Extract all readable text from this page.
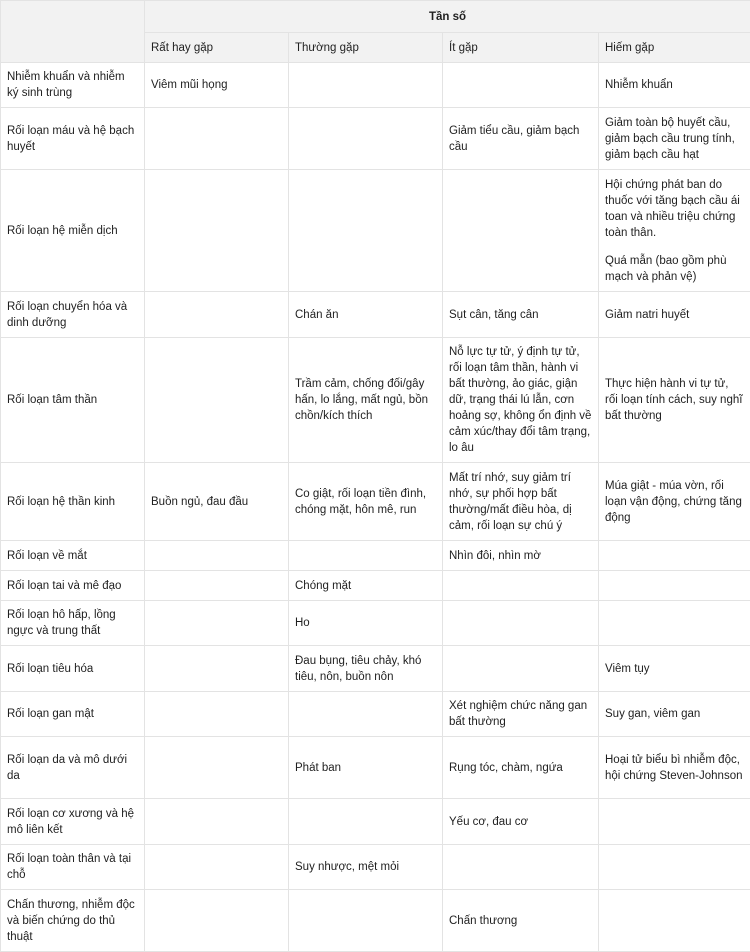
	Tần số			
	Rất hay gặp	Thường gặp	Ít gặp	Hiếm gặp
Nhiễm khuẩn và nhiễm ký sinh trùng	Viêm mũi họng			Nhiễm khuẩn
Rối loạn máu và hệ bạch huyết			Giảm tiểu cầu, giảm bạch cầu	Giảm toàn bộ huyết cầu, giảm bạch cầu trung tính, giảm bạch cầu hạt
Rối loạn hệ miễn dịch				Hội chứng phát ban do thuốc với tăng bạch cầu ái toan và nhiều triệu chứng toàn thân.

Quá mẫn (bao gồm phù mạch và phản vệ)

Rối loạn chuyển hóa và dinh dưỡng		Chán ăn	Sụt cân, tăng cân	Giảm natri huyết
Rối loạn tâm thần		Trầm cảm, chống đối/gây hấn, lo lắng, mất ngủ, bồn chồn/kích thích	Nỗ lực tự tử, ý định tự tử, rối loạn tâm thần, hành vi bất thường, ảo giác, giận dữ, trạng thái lú lẫn, cơn hoảng sợ, không ổn định về cảm xúc/thay đổi tâm trạng, lo âu	Thực hiện hành vi tự tử, rối loạn tính cách, suy nghĩ bất thường
Rối loạn hệ thần kinh	Buồn ngủ, đau đầu	Co giật, rối loạn tiền đình, chóng mặt, hôn mê, run	Mất trí nhớ, suy giảm trí nhớ, sự phối hợp bất thường/mất điều hòa, dị cảm, rối loạn sự chú ý	Múa giật - múa vờn, rối loạn vận động, chứng tăng động
Rối loạn về mắt			Nhìn đôi, nhìn mờ	
Rối loạn tai và mê đạo		Chóng mặt		
Rối loạn hô hấp, lồng ngực và trung thất		Ho		
Rối loạn tiêu hóa		Đau bụng, tiêu chảy, khó tiêu, nôn, buồn nôn		Viêm tụy
Rối loạn gan mật			Xét nghiệm chức năng gan bất thường	Suy gan, viêm gan
Rối loạn da và mô dưới da		Phát ban	Rụng tóc, chàm, ngứa	Hoại tử biểu bì nhiễm độc, hội chứng Steven-Johnson
Rối loạn cơ xương và hệ mô liên kết			Yếu cơ, đau cơ	
Rối loạn toàn thân và tại chỗ		Suy nhược, mệt mỏi		
Chấn thương, nhiễm độc và biến chứng do thủ thuật			Chấn thương	
